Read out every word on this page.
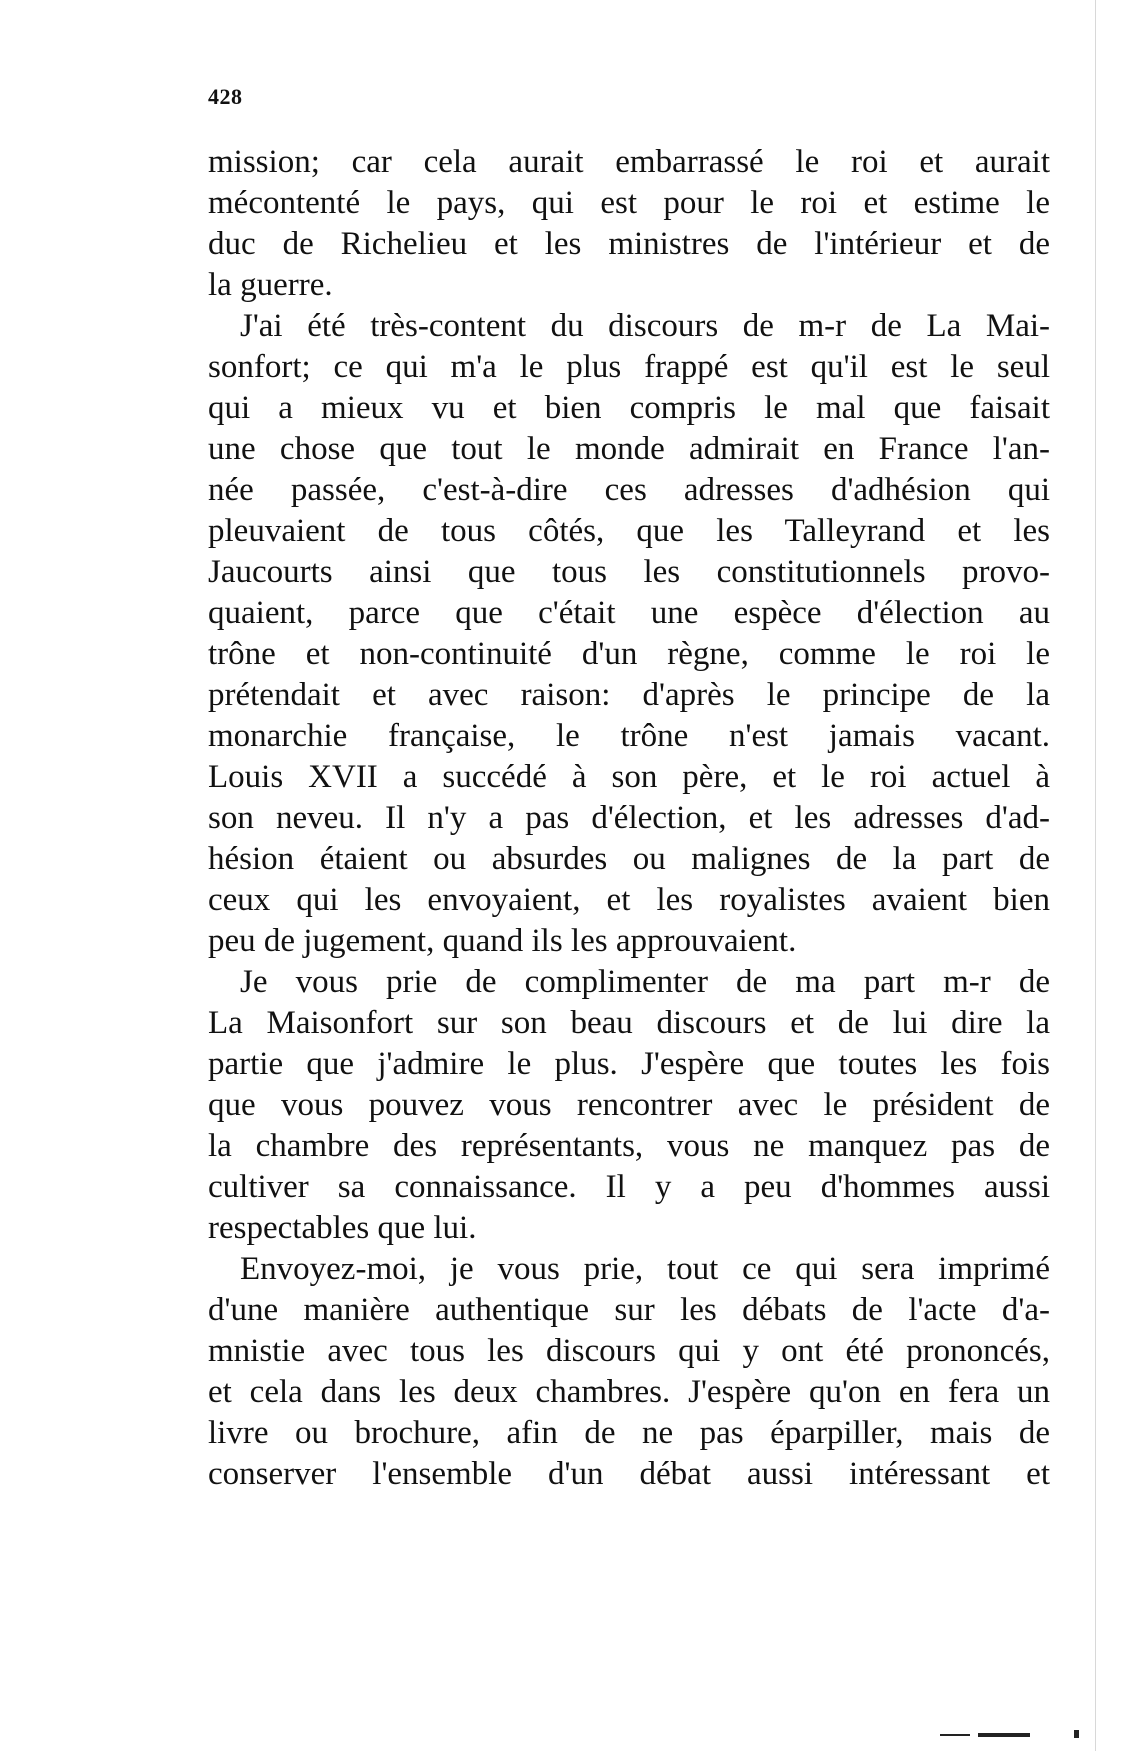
428
mission; car cela aurait embarrassé le roi et aurait
mécontenté le pays, qui est pour le roi et estime le
duc de Richelieu et les ministres de l'intérieur et de
la guerre.
J'ai été très-content du discours de m-r de La Mai-
sonfort; ce qui m'a le plus frappé est qu'il est le seul
qui a mieux vu et bien compris le mal que faisait
une chose que tout le monde admirait en France l'an-
née passée, c'est-à-dire ces adresses d'adhésion qui
pleuvaient de tous côtés, que les Talleyrand et les
Jaucourts ainsi que tous les constitutionnels provo-
quaient, parce que c'était une espèce d'élection au
trône et non-continuité d'un règne, comme le roi le
prétendait et avec raison: d'après le principe de la
monarchie française, le trône n'est jamais vacant.
Louis XVII a succédé à son père, et le roi actuel à
son neveu. Il n'y a pas d'élection, et les adresses d'ad-
hésion étaient ou absurdes ou malignes de la part de
ceux qui les envoyaient, et les royalistes avaient bien
peu de jugement, quand ils les approuvaient.
Je vous prie de complimenter de ma part m-r de
La Maisonfort sur son beau discours et de lui dire la
partie que j'admire le plus. J'espère que toutes les fois
que vous pouvez vous rencontrer avec le président de
la chambre des représentants, vous ne manquez pas de
cultiver sa connaissance. Il y a peu d'hommes aussi
respectables que lui.
Envoyez-moi, je vous prie, tout ce qui sera imprimé
d'une manière authentique sur les débats de l'acte d'a-
mnistie avec tous les discours qui y ont été prononcés,
et cela dans les deux chambres. J'espère qu'on en fera un
livre ou brochure, afin de ne pas éparpiller, mais de
conserver l'ensemble d'un débat aussi intéressant et
